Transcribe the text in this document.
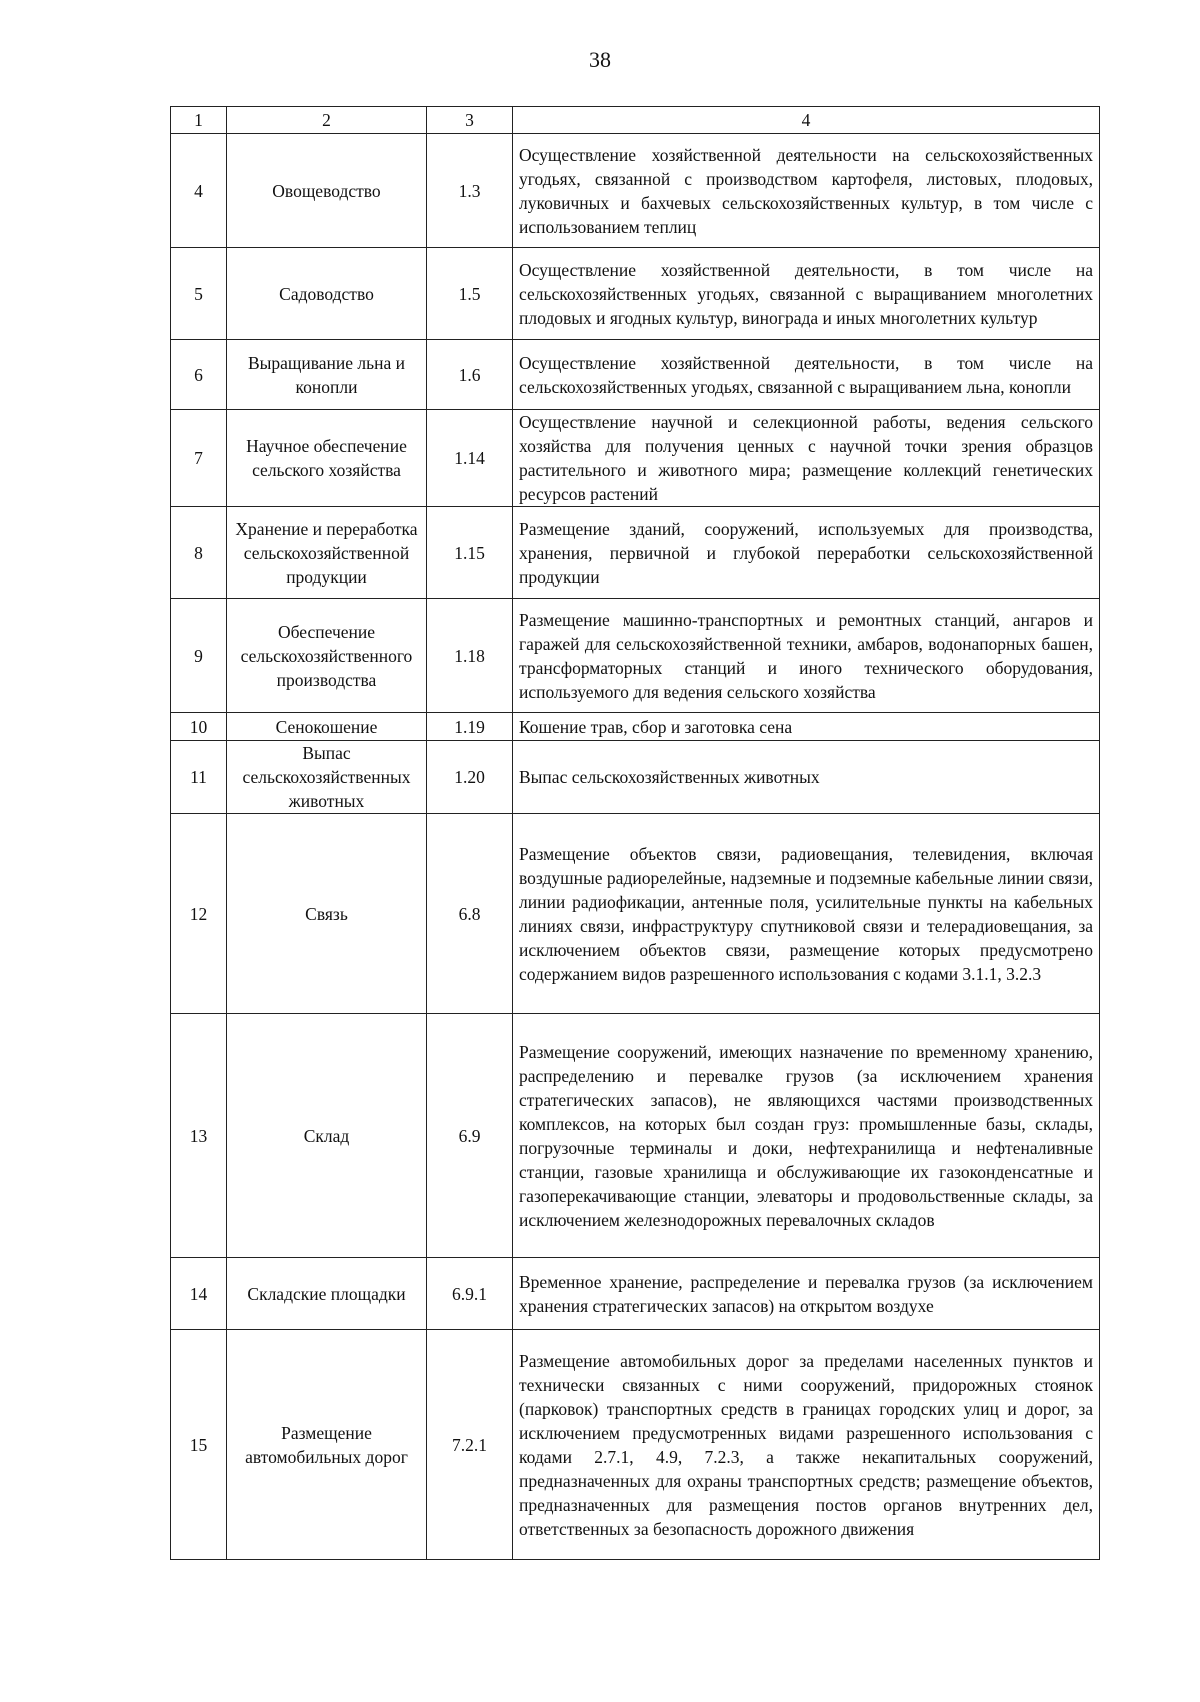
38
1	2	3	4
4	Овощеводство	1.3	Осуществление хозяйственной деятельности на сельскохозяйственных угодьях, связанной с производством картофеля, листовых, плодовых, луковичных и бахчевых сельскохозяйственных культур, в том числе с использованием теплиц
5	Садоводство	1.5	Осуществление хозяйственной деятельности, в том числе на сельскохозяйственных угодьях, связанной с выращиванием многолетних плодовых и ягодных культур, винограда и иных многолетних культур
6	Выращивание льна и конопли	1.6	Осуществление хозяйственной деятельности, в том числе на сельскохозяйственных угодьях, связанной с выращиванием льна, конопли
7	Научное обеспечение сельского хозяйства	1.14	Осуществление научной и селекционной работы, ведения сельского хозяйства для получения ценных с научной точки зрения образцов растительного и животного мира; размещение коллекций генетических ресурсов растений
8	Хранение и переработка сельскохозяйственной продукции	1.15	Размещение зданий, сооружений, используемых для производства, хранения, первичной и глубокой переработки сельскохозяйственной продукции
9	Обеспечение сельскохозяйственного производства	1.18	Размещение машинно-транспортных и ремонтных станций, ангаров и гаражей для сельскохозяйственной техники, амбаров, водонапорных башен, трансформаторных станций и иного технического оборудования, используемого для ведения сельского хозяйства
10	Сенокошение	1.19	Кошение трав, сбор и заготовка сена
11	Выпас сельскохозяйственных животных	1.20	Выпас сельскохозяйственных животных
12	Связь	6.8	Размещение объектов связи, радиовещания, телевидения, включая воздушные радиорелейные, надземные и подземные кабельные линии связи, линии радиофикации, антенные поля, усилительные пункты на кабельных линиях связи, инфраструктуру спутниковой связи и телерадиовещания, за исключением объектов связи, размещение которых предусмотрено содержанием видов разрешенного использования с кодами 3.1.1, 3.2.3
13	Склад	6.9	Размещение сооружений, имеющих назначение по временному хранению, распределению и перевалке грузов (за исключением хранения стратегических запасов), не являющихся частями производственных комплексов, на которых был создан груз: промышленные базы, склады, погрузочные терминалы и доки, нефтехранилища и нефтеналивные станции, газовые хранилища и обслуживающие их газоконденсатные и газоперекачивающие станции, элеваторы и продовольственные склады, за исключением железнодорожных перевалочных складов
14	Складские площадки	6.9.1	Временное хранение, распределение и перевалка грузов (за исключением хранения стратегических запасов) на открытом воздухе
15	Размещение автомобильных дорог	7.2.1	Размещение автомобильных дорог за пределами населенных пунктов и технически связанных с ними сооружений, придорожных стоянок (парковок) транспортных средств в границах городских улиц и дорог, за исключением предусмотренных видами разрешенного использования с кодами 2.7.1, 4.9, 7.2.3, а также некапитальных сооружений, предназначенных для охраны транспортных средств; размещение объектов, предназначенных для размещения постов органов внутренних дел, ответственных за безопасность дорожного движения
